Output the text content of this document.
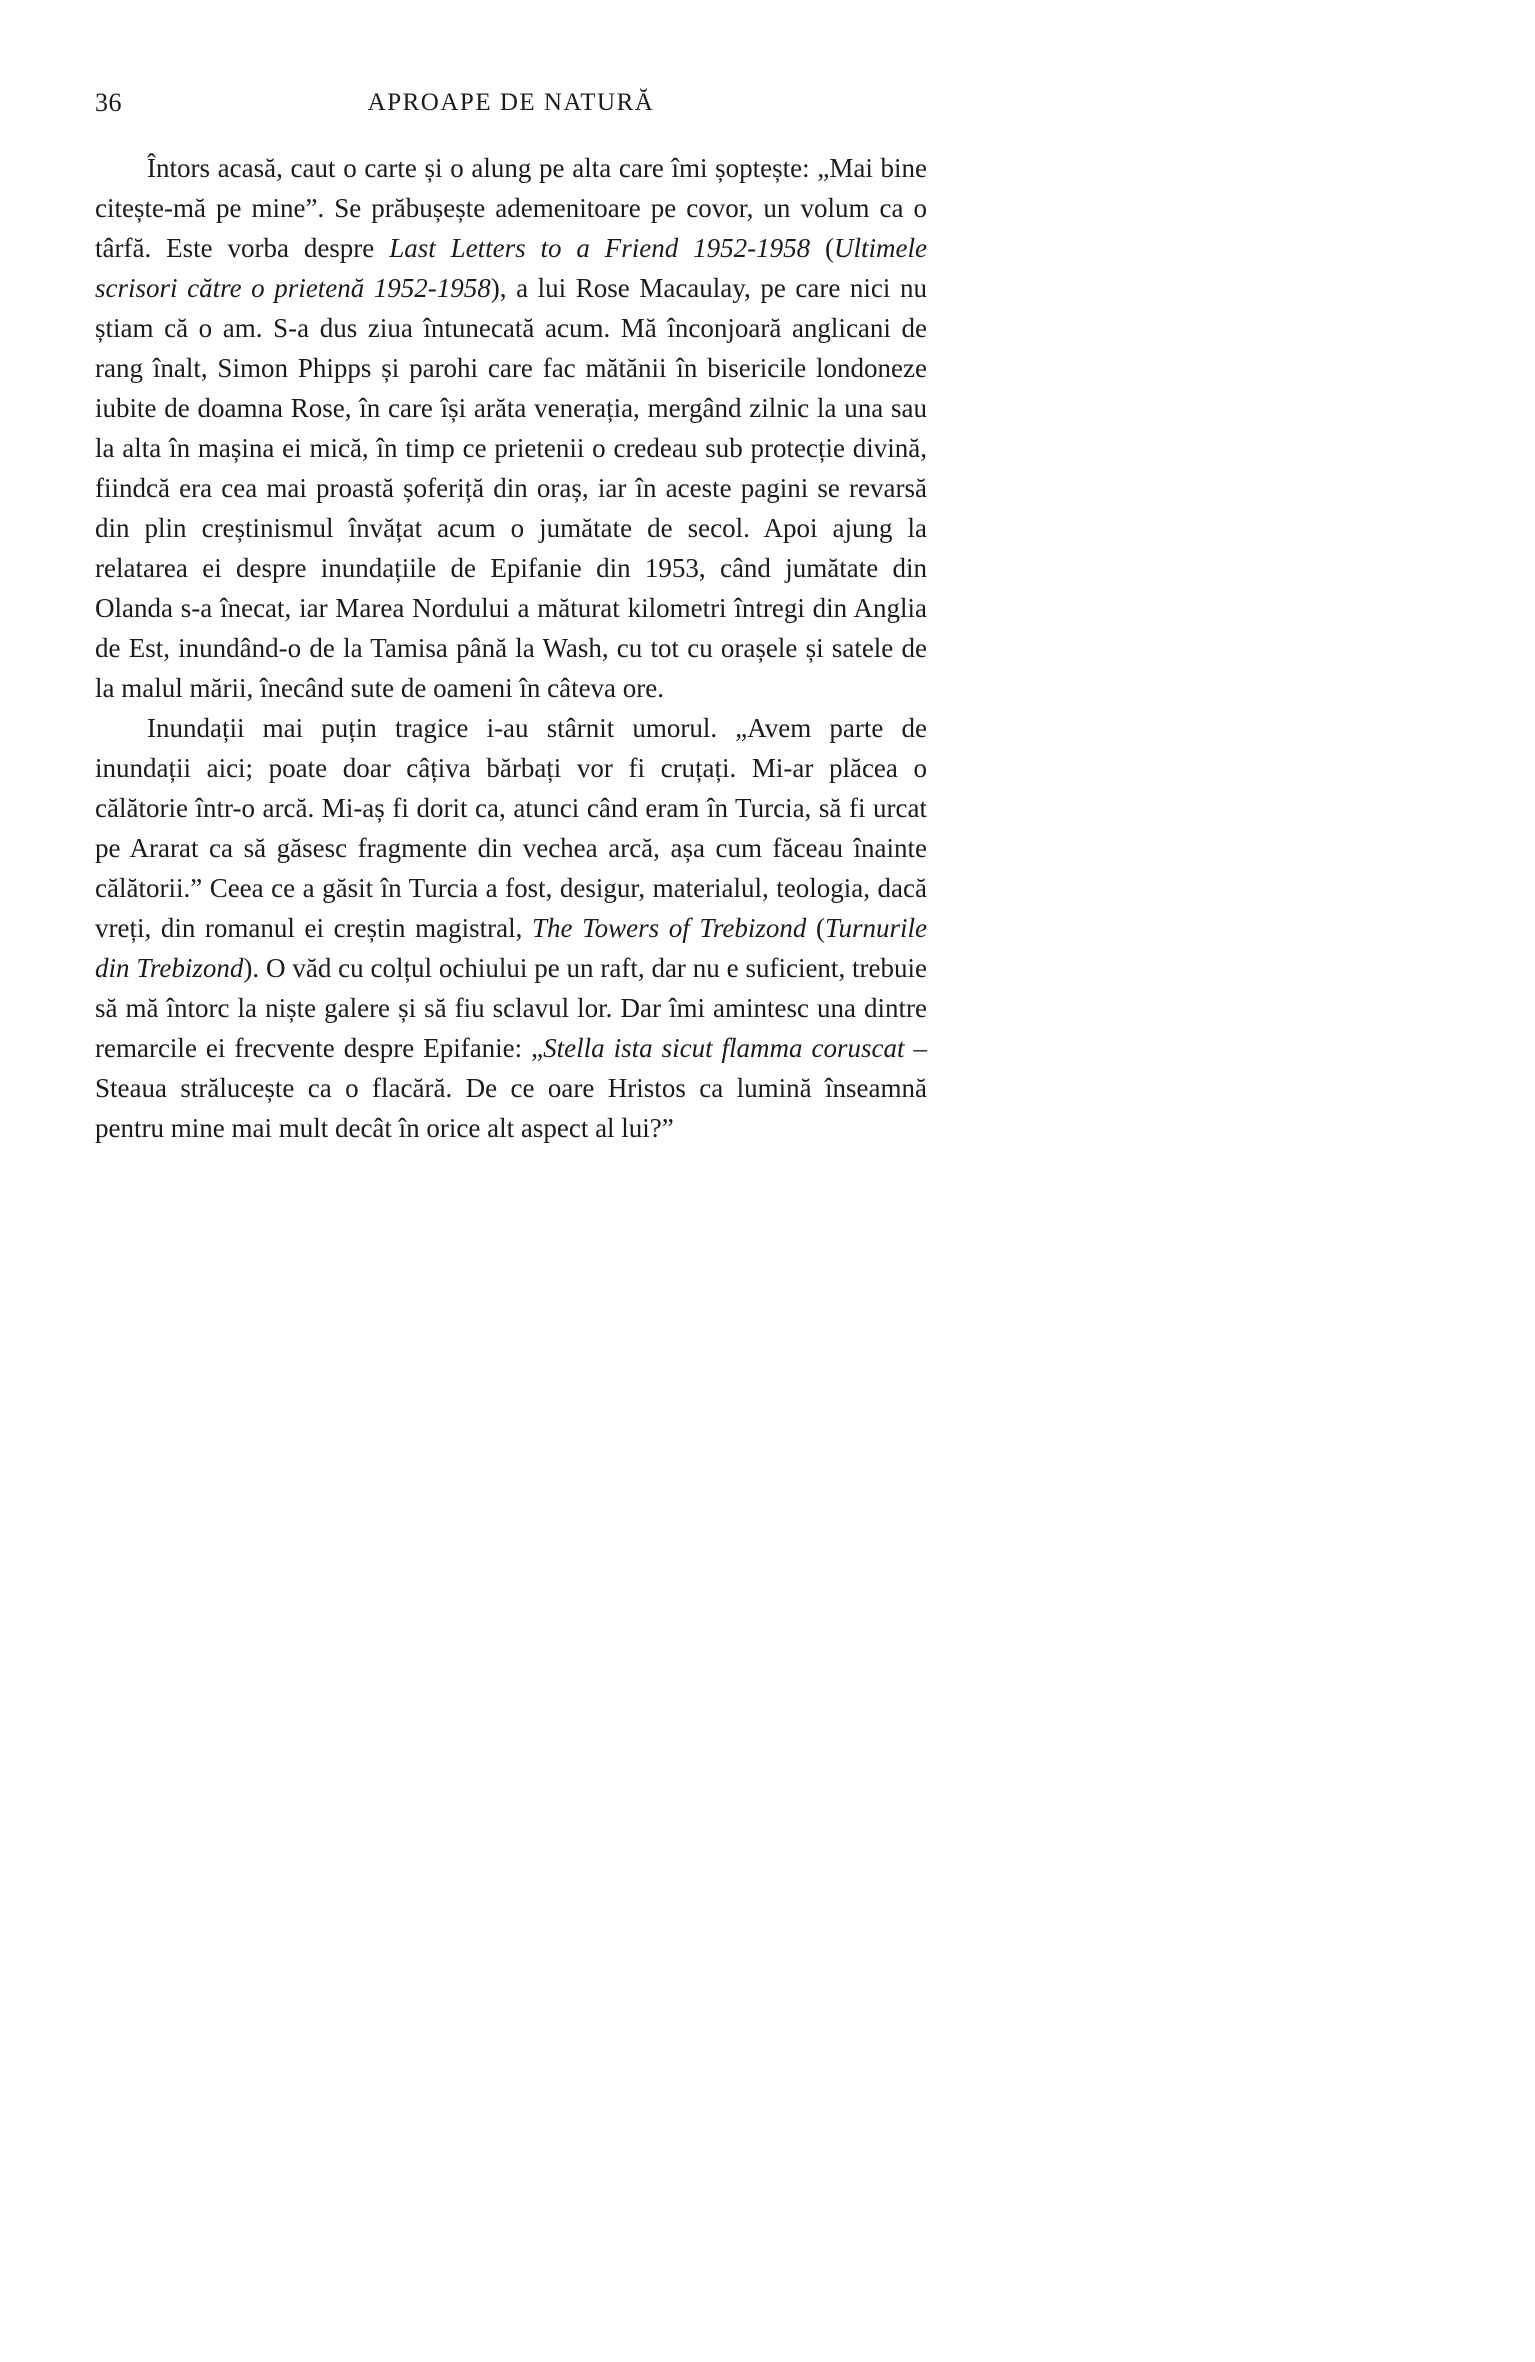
36	APROAPE DE NATURĂ

Întors acasă, caut o carte și o alung pe alta care îmi șoptește: „Mai bine citește-mă pe mine”. Se prăbușește ademenitoare pe covor, un volum ca o târfă. Este vorba despre Last Letters to a Friend 1952-1958 (Ultimele scrisori către o prietenă 1952-1958), a lui Rose Macaulay, pe care nici nu știam că o am. S-a dus ziua întunecată acum. Mă înconjoară anglicani de rang înalt, Simon Phipps și parohi care fac mătănii în bisericile londoneze iubite de doamna Rose, în care își arăta venerația, mergând zilnic la una sau la alta în mașina ei mică, în timp ce prietenii o credeau sub protecție divină, fiindcă era cea mai proastă șoferiță din oraș, iar în aceste pagini se revarsă din plin creștinismul învățat acum o jumătate de secol. Apoi ajung la relatarea ei despre inundațiile de Epifanie din 1953, când jumătate din Olanda s-a înecat, iar Marea Nordului a măturat kilometri întregi din Anglia de Est, inundând-o de la Tamisa până la Wash, cu tot cu orașele și satele de la malul mării, înecând sute de oameni în câteva ore.

Inundații mai puțin tragice i-au stârnit umorul. „Avem parte de inundații aici; poate doar câțiva bărbați vor fi cruțați. Mi-ar plăcea o călătorie într-o arcă. Mi-aș fi dorit ca, atunci când eram în Turcia, să fi urcat pe Ararat ca să găsesc fragmente din vechea arcă, așa cum făceau înainte călătorii.” Ceea ce a găsit în Turcia a fost, desigur, materialul, teologia, dacă vreți, din romanul ei creștin magistral, The Towers of Trebizond (Turnurile din Trebizond). O văd cu colțul ochiului pe un raft, dar nu e suficient, trebuie să mă întorc la niște galere și să fiu sclavul lor. Dar îmi amintesc una dintre remarcile ei frecvente despre Epifanie: „Stella ista sicut flamma coruscat – Steaua strălucește ca o flacără. De ce oare Hristos ca lumină înseamnă pentru mine mai mult decât în orice alt aspect al lui?”
